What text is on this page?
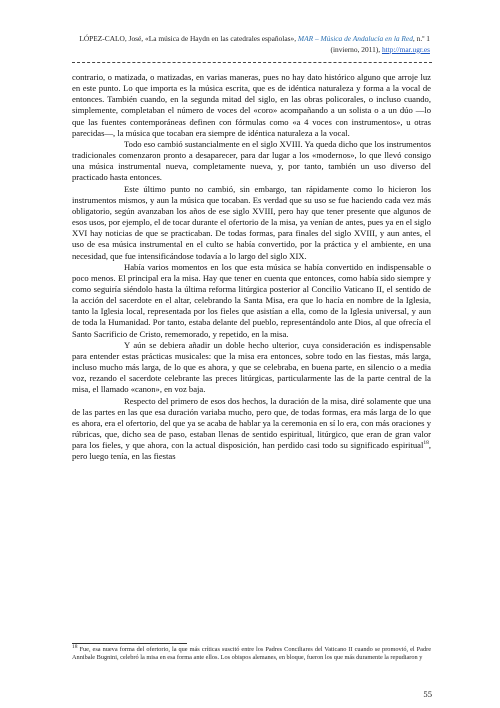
LÓPEZ-CALO, José, «La música de Haydn en las catedrales españolas», MAR – Música de Andalucía en la Red, n.º 1 (invierno, 2011), http://mar.ugr.es

contrario, o matizada, o matizadas, en varias maneras, pues no hay dato histórico alguno que arroje luz en este punto. Lo que importa es la música escrita, que es de idéntica naturaleza y forma a la vocal de entonces. También cuando, en la segunda mitad del siglo, en las obras policorales, o incluso cuando, simplemente, completaban el número de voces del «coro» acompañando a un solista o a un dúo —lo que las fuentes contemporáneas definen con fórmulas como «a 4 voces con instrumentos», u otras parecidas—, la música que tocaban era siempre de idéntica naturaleza a la vocal.

Todo eso cambió sustancialmente en el siglo XVIII. Ya queda dicho que los instrumentos tradicionales comenzaron pronto a desaparecer, para dar lugar a los «modernos», lo que llevó consigo una música instrumental nueva, completamente nueva, y, por tanto, también un uso diverso del practicado hasta entonces.

Este último punto no cambió, sin embargo, tan rápidamente como lo hicieron los instrumentos mismos, y aun la música que tocaban. Es verdad que su uso se fue haciendo cada vez más obligatorio, según avanzaban los años de ese siglo XVIII, pero hay que tener presente que algunos de esos usos, por ejemplo, el de tocar durante el ofertorio de la misa, ya venían de antes, pues ya en el siglo XVI hay noticias de que se practicaban. De todas formas, para finales del siglo XVIII, y aun antes, el uso de esa música instrumental en el culto se había convertido, por la práctica y el ambiente, en una necesidad, que fue intensificándose todavía a lo largo del siglo XIX.

Había varios momentos en los que esta música se había convertido en indispensable o poco menos. El principal era la misa. Hay que tener en cuenta que entonces, como había sido siempre y como seguiría siéndolo hasta la última reforma litúrgica posterior al Concilio Vaticano II, el sentido de la acción del sacerdote en el altar, celebrando la Santa Misa, era que lo hacía en nombre de la Iglesia, tanto la Iglesia local, representada por los fieles que asistían a ella, como de la Iglesia universal, y aun de toda la Humanidad. Por tanto, estaba delante del pueblo, representándolo ante Dios, al que ofrecía el Santo Sacrificio de Cristo, rememorado, y repetido, en la misa.

Y aún se debiera añadir un doble hecho ulterior, cuya consideración es indispensable para entender estas prácticas musicales: que la misa era entonces, sobre todo en las fiestas, más larga, incluso mucho más larga, de lo que es ahora, y que se celebraba, en buena parte, en silencio o a media voz, rezando el sacerdote celebrante las preces litúrgicas, particularmente las de la parte central de la misa, el llamado «canon», en voz baja.

Respecto del primero de esos dos hechos, la duración de la misa, diré solamente que una de las partes en las que esa duración variaba mucho, pero que, de todas formas, era más larga de lo que es ahora, era el ofertorio, del que ya se acaba de hablar ya la ceremonia en sí lo era, con más oraciones y rúbricas, que, dicho sea de paso, estaban llenas de sentido espiritual, litúrgico, que eran de gran valor para los fieles, y que ahora, con la actual disposición, han perdido casi todo su significado espiritual$^{18}$, pero luego tenía, en las fiestas

$^{18}$ Fue, esa nueva forma del ofertorio, la que más críticas suscitó entre los Padres Conciliares del Vaticano II cuando se promovió, el Padre Annibale Bugnini, celebró la misa en esa forma ante ellos. Los obispos alemanes, en bloque, fueron los que más duramente la repudiaron y
55
